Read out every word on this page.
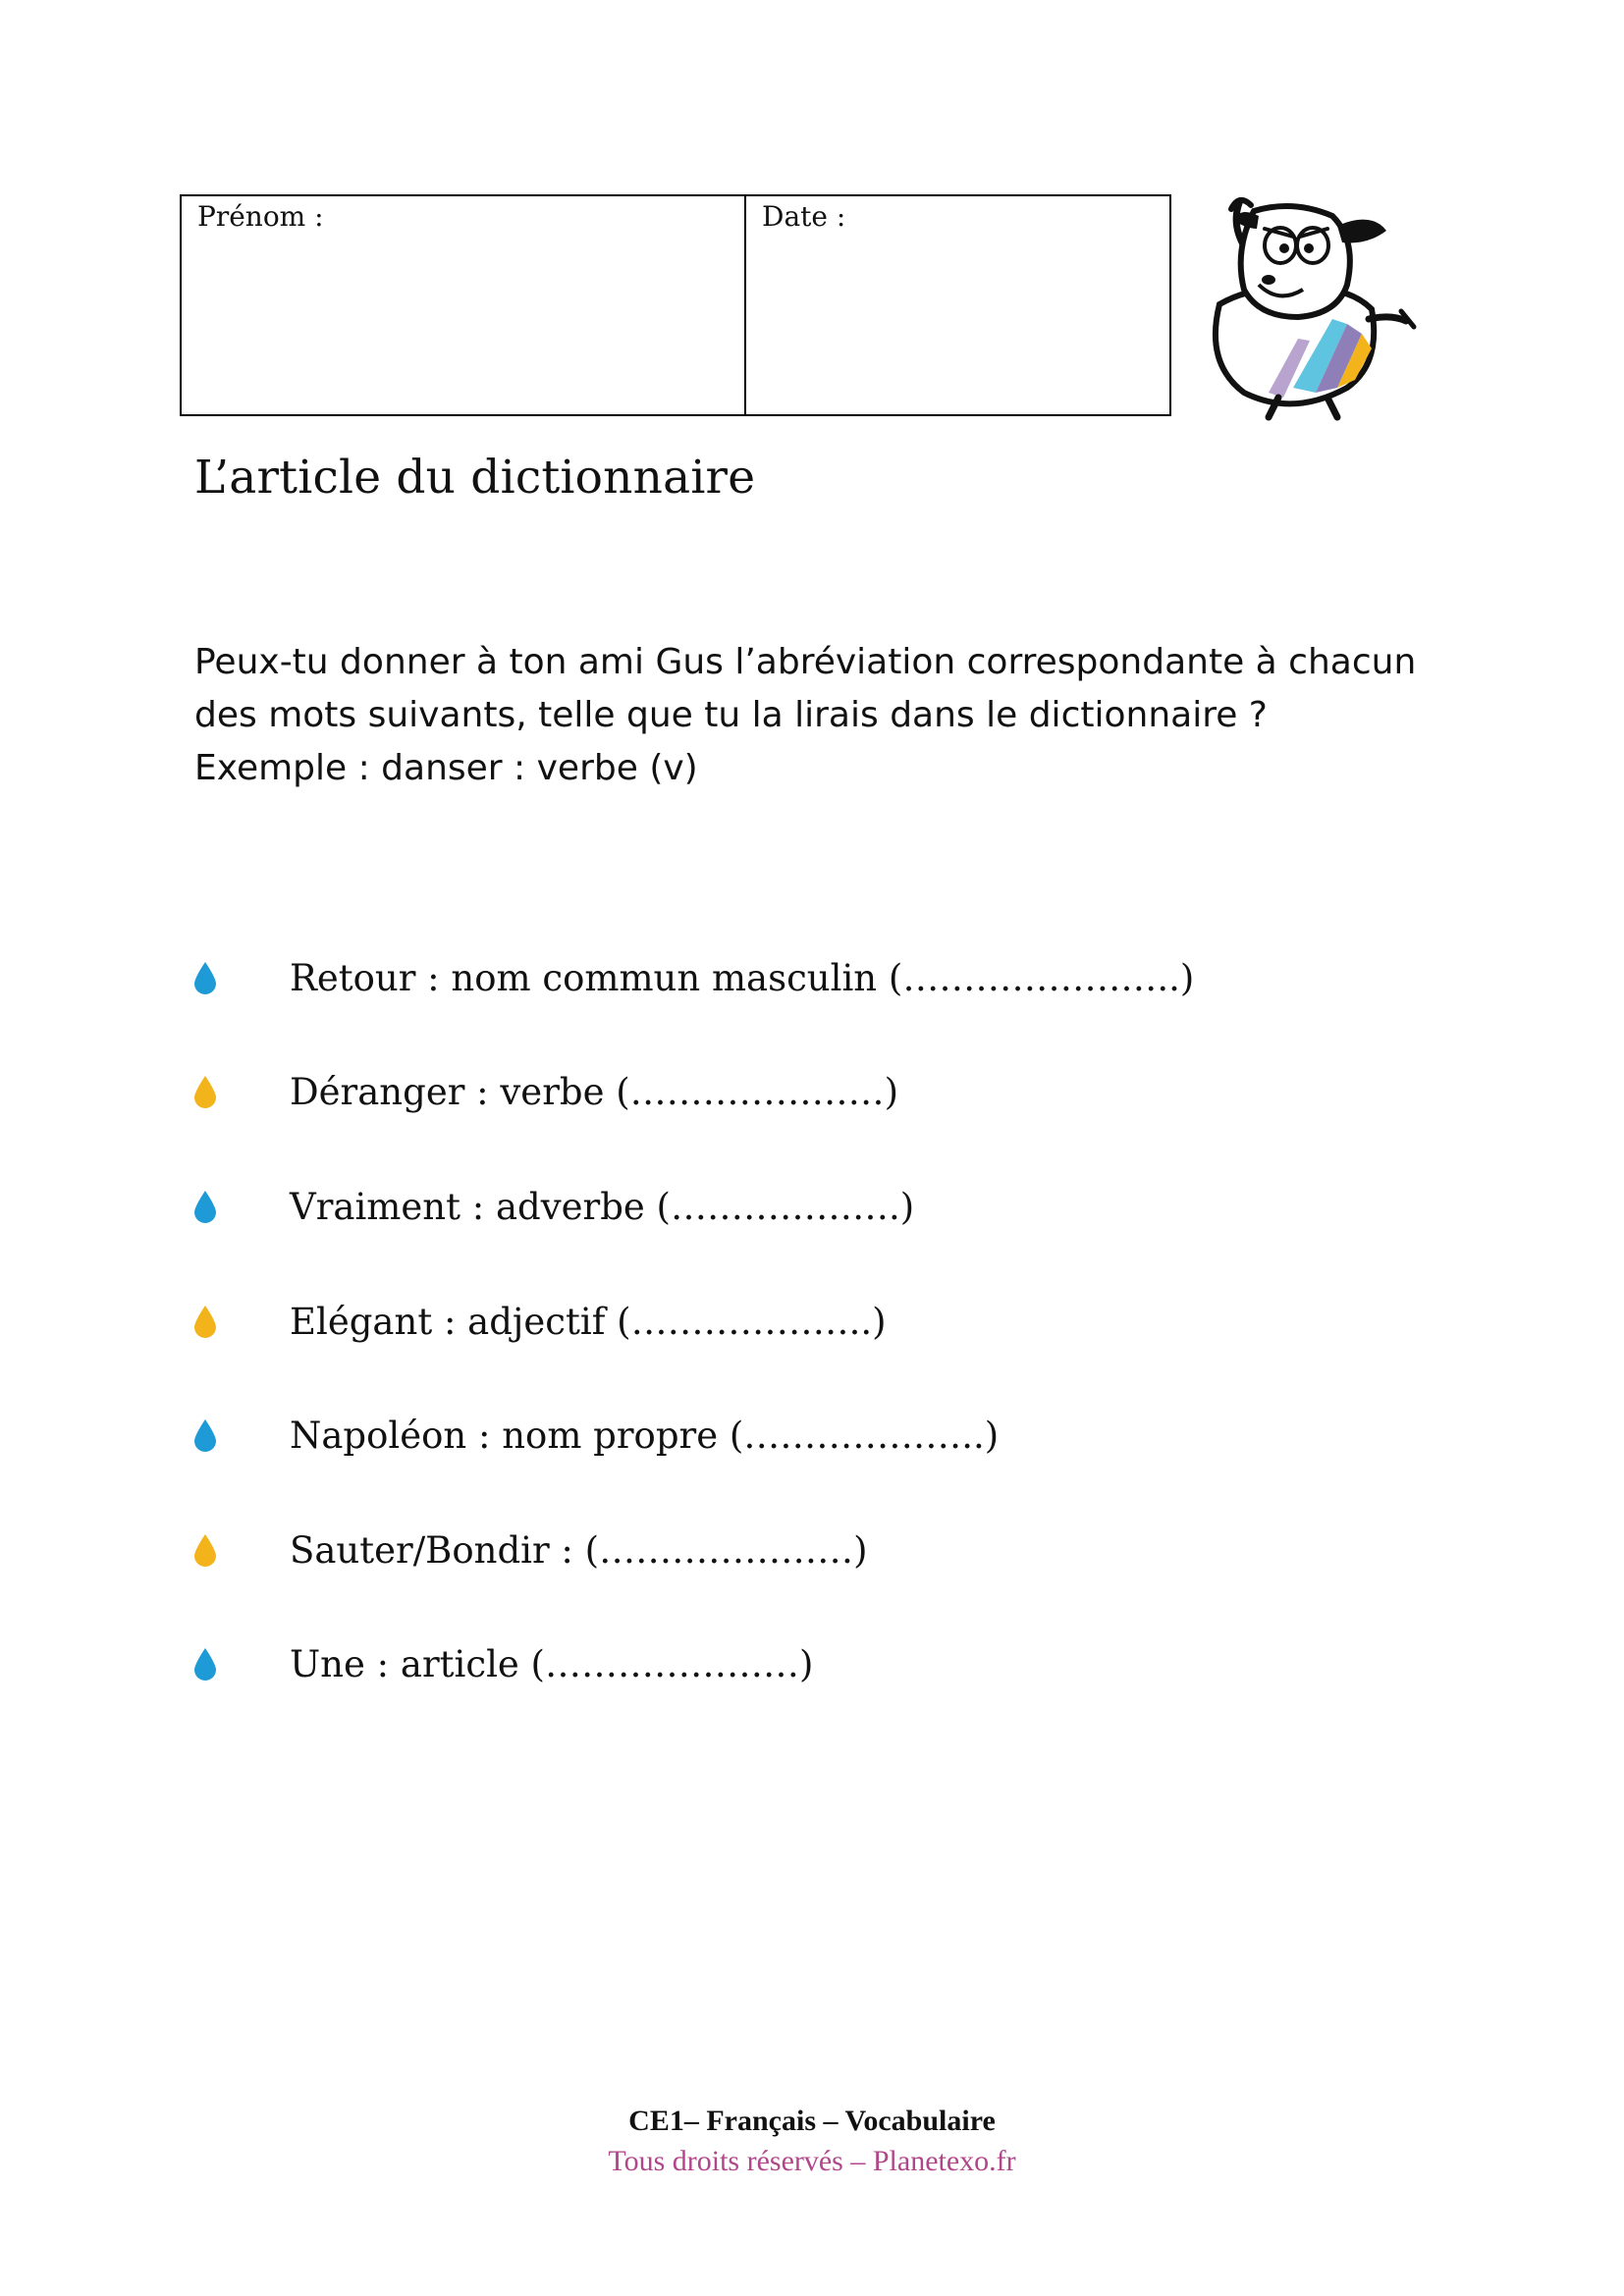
Prénom :	Date :
L’article du dictionnaire
Peux-tu donner à ton ami Gus l’abréviation correspondante à chacun
des mots suivants, telle que tu la lirais dans le dictionnaire ?
Exemple : danser : verbe (v)
Retour : nom commun masculin (…………………..)
Déranger : verbe (…………………)
Vraiment : adverbe (……………….)
Elégant : adjectif (………………..)
Napoléon : nom propre (………………..)
Sauter/Bondir : (…………………)
Une : article (…………………)
CE1– Français – Vocabulaire
Tous droits réservés – Planetexo.fr
